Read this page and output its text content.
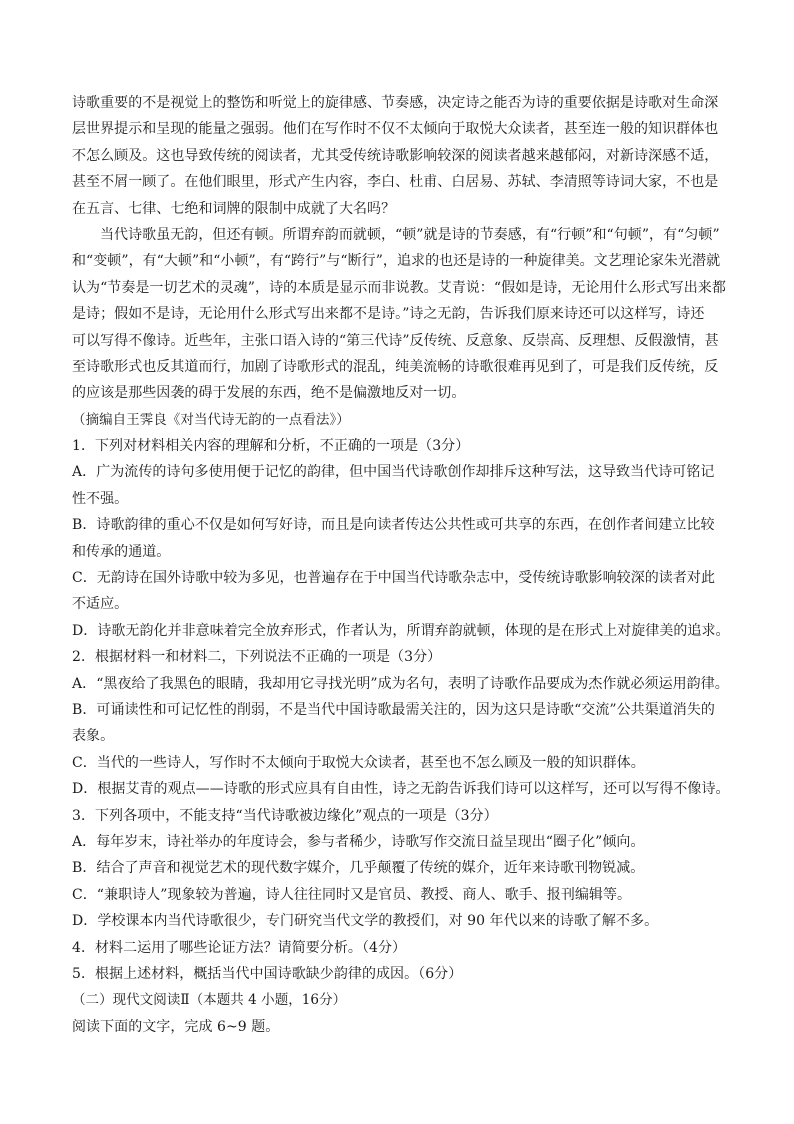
诗歌重要的不是视觉上的整饬和听觉上的旋律感、节奏感，决定诗之能否为诗的重要依据是诗歌对生命深
层世界提示和呈现的能量之强弱。他们在写作时不仅不太倾向于取悦大众读者，甚至连一般的知识群体也
不怎么顾及。这也导致传统的阅读者，尤其受传统诗歌影响较深的阅读者越来越郁闷，对新诗深感不适，
甚至不屑一顾了。在他们眼里，形式产生内容，李白、杜甫、白居易、苏轼、李清照等诗词大家，不也是
在五言、七律、七绝和词牌的限制中成就了大名吗？
当代诗歌虽无韵，但还有顿。所谓弃韵而就顿，“顿”就是诗的节奏感，有“行顿”和“句顿”，有“匀顿”
和“变顿”，有“大顿”和“小顿”，有“跨行”与“断行”，追求的也还是诗的一种旋律美。文艺理论家朱光潜就
认为“节奏是一切艺术的灵魂”，诗的本质是显示而非说教。艾青说：“假如是诗，无论用什么形式写出来都
是诗；假如不是诗，无论用什么形式写出来都不是诗。”诗之无韵，告诉我们原来诗还可以这样写，诗还
可以写得不像诗。近些年，主张口语入诗的“第三代诗”反传统、反意象、反崇高、反理想、反假激情，甚
至诗歌形式也反其道而行，加剧了诗歌形式的混乱，纯美流畅的诗歌很难再见到了，可是我们反传统，反
的应该是那些因袭的碍于发展的东西，绝不是偏激地反对一切。
（摘编自王霁良《对当代诗无韵的一点看法》）
1．下列对材料相关内容的理解和分析，不正确的一项是（3分）
A．广为流传的诗句多使用便于记忆的韵律，但中国当代诗歌创作却排斥这种写法，这导致当代诗可铭记
性不强。
B．诗歌韵律的重心不仅是如何写好诗，而且是向读者传达公共性或可共享的东西，在创作者间建立比较
和传承的通道。
C．无韵诗在国外诗歌中较为多见，也普遍存在于中国当代诗歌杂志中，受传统诗歌影响较深的读者对此
不适应。
D．诗歌无韵化并非意味着完全放弃形式，作者认为，所谓弃韵就顿，体现的是在形式上对旋律美的追求。
2．根据材料一和材料二，下列说法不正确的一项是（3分）
A．“黑夜给了我黑色的眼睛，我却用它寻找光明”成为名句，表明了诗歌作品要成为杰作就必须运用韵律。
B．可诵读性和可记忆性的削弱，不是当代中国诗歌最需关注的，因为这只是诗歌“交流”公共渠道消失的
表象。
C．当代的一些诗人，写作时不太倾向于取悦大众读者，甚至也不怎么顾及一般的知识群体。
D．根据艾青的观点——诗歌的形式应具有自由性，诗之无韵告诉我们诗可以这样写，还可以写得不像诗。
3．下列各项中，不能支持“当代诗歌被边缘化”观点的一项是（3分）
A．每年岁末，诗社举办的年度诗会，参与者稀少，诗歌写作交流日益呈现出“圈子化”倾向。
B．结合了声音和视觉艺术的现代数字媒介，几乎颠覆了传统的媒介，近年来诗歌刊物锐减。
C．“兼职诗人”现象较为普遍，诗人往往同时又是官员、教授、商人、歌手、报刊编辑等。
D．学校课本内当代诗歌很少，专门研究当代文学的教授们，对 90 年代以来的诗歌了解不多。
4．材料二运用了哪些论证方法？请简要分析。（4分）
5．根据上述材料，概括当代中国诗歌缺少韵律的成因。（6分）
（二）现代文阅读Ⅱ（本题共 4 小题，16分）
阅读下面的文字，完成 6~9 题。
